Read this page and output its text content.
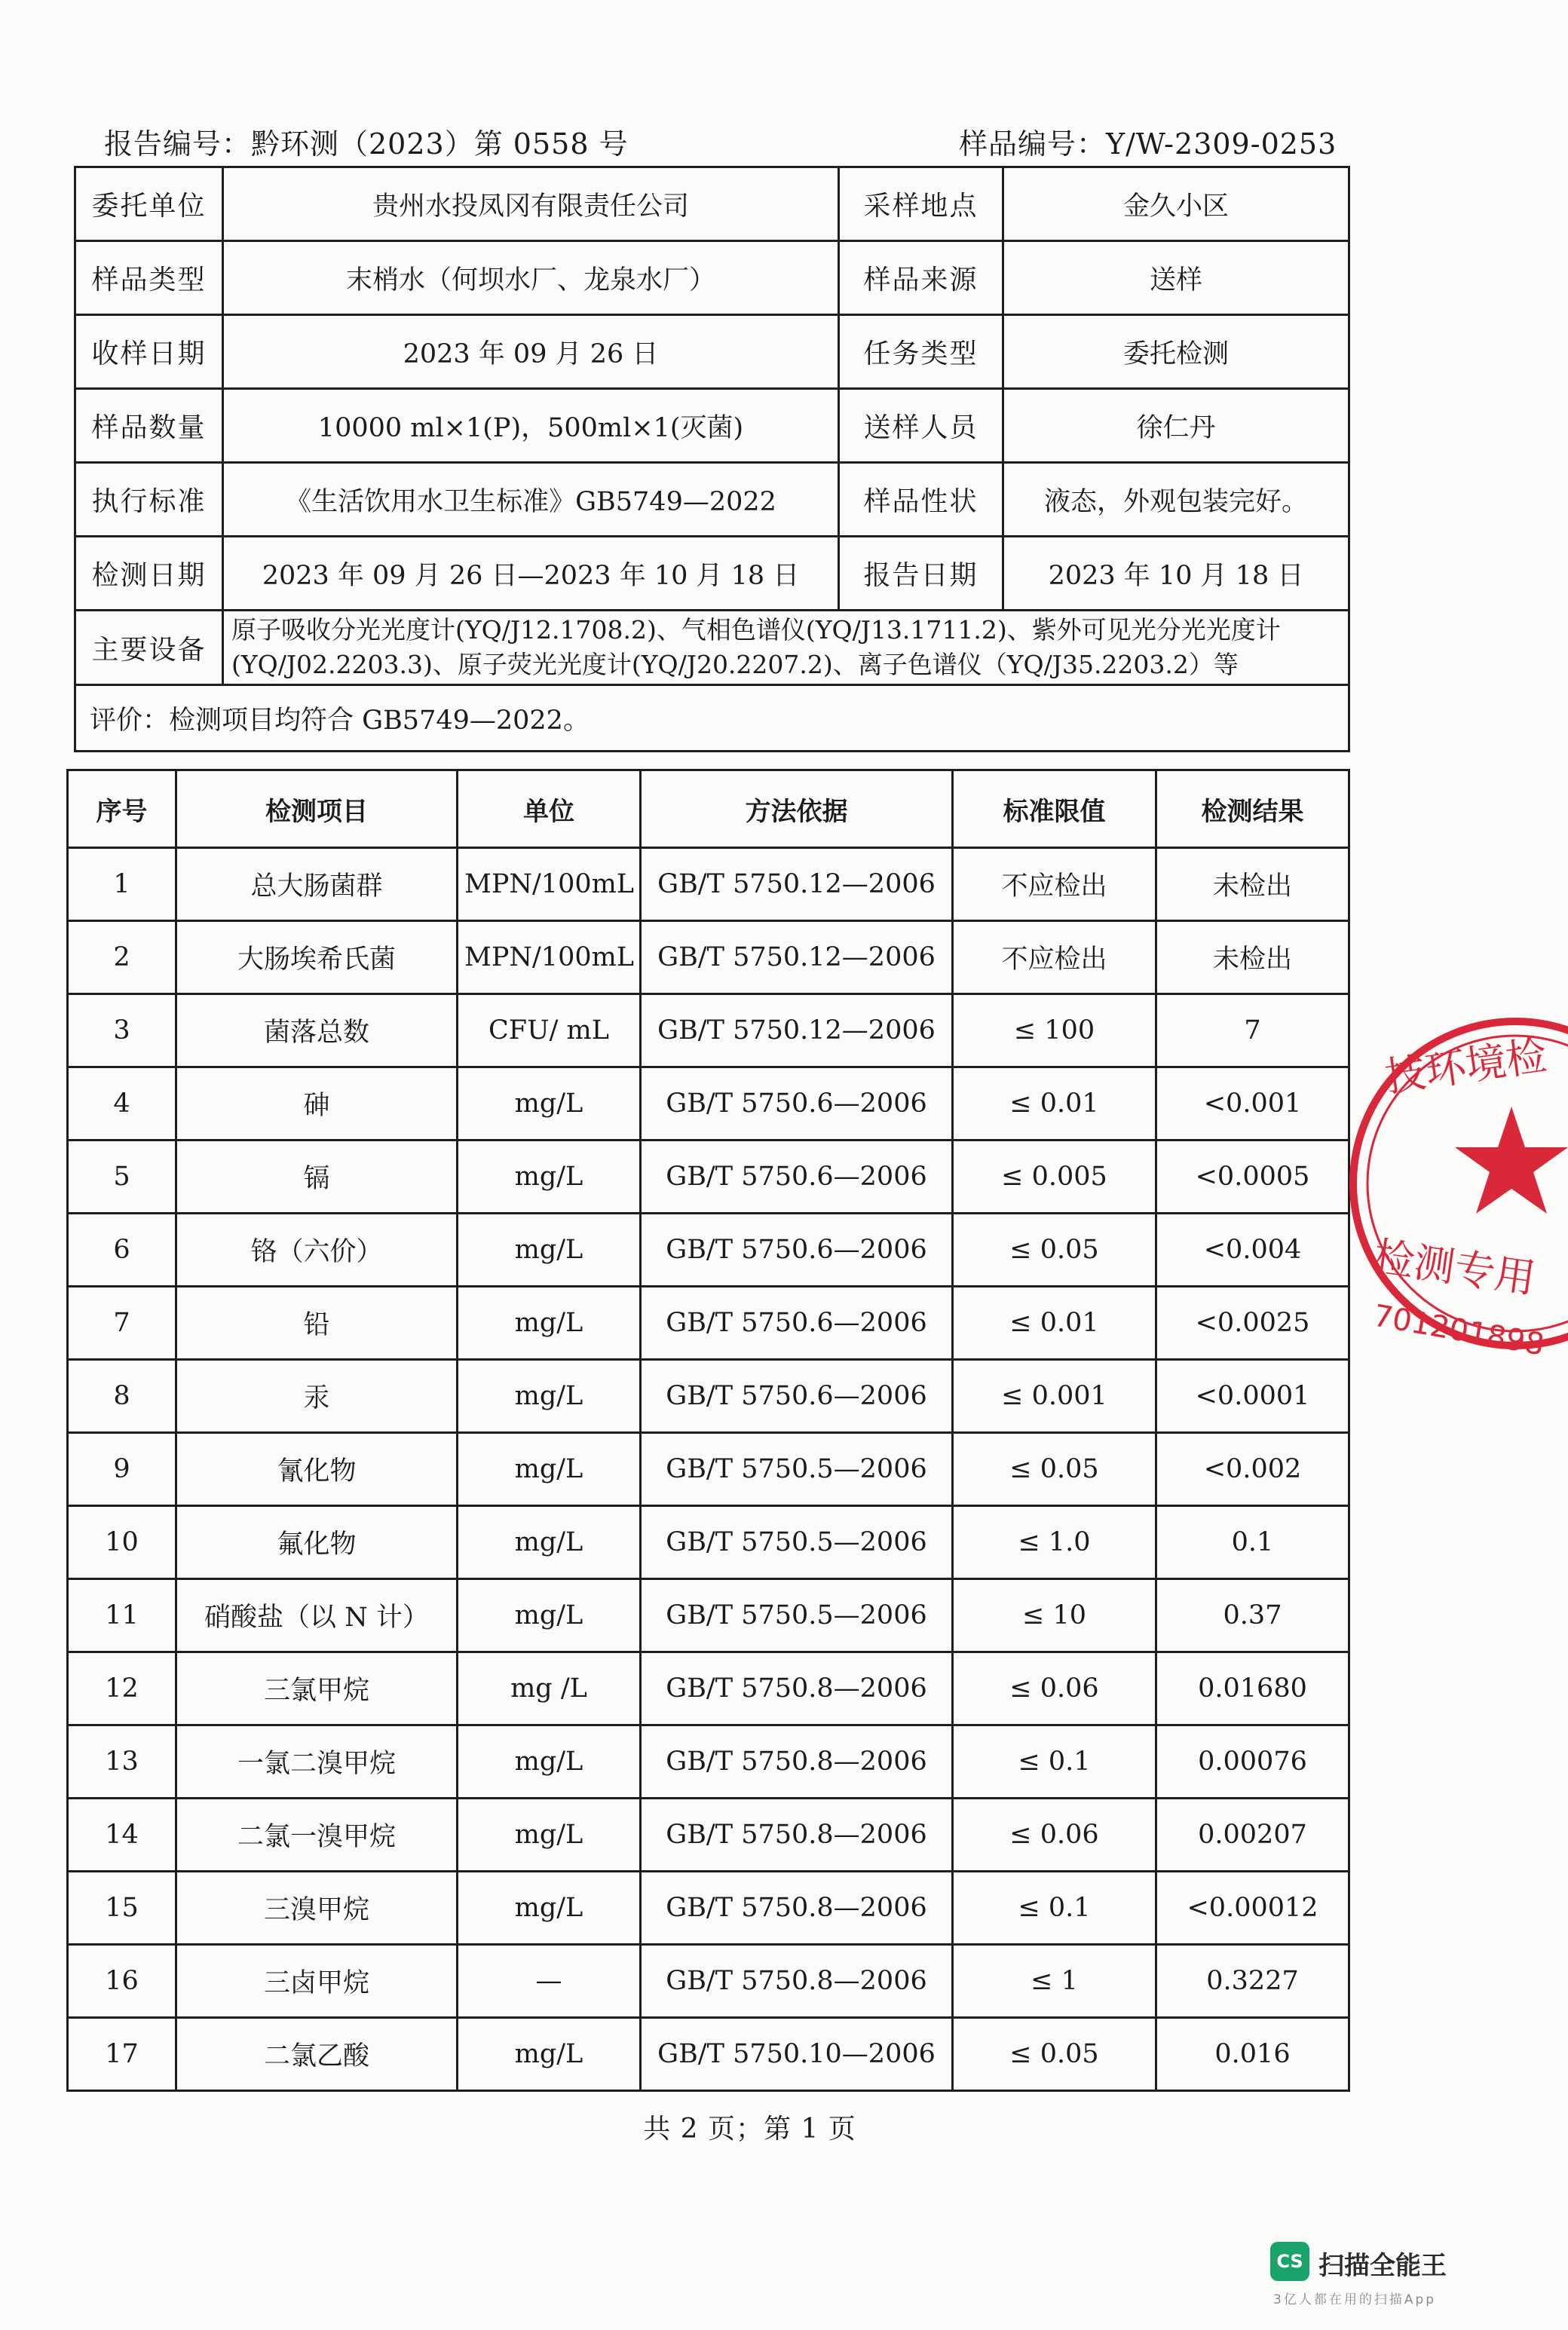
报告编号：黔环测（2023）第 0558 号	样品编号：Y/W-2309-0253
委托单位	贵州水投凤冈有限责任公司	采样地点	金久小区
样品类型	末梢水（何坝水厂、龙泉水厂）	样品来源	送样
收样日期	2023 年 09 月 26 日	任务类型	委托检测
样品数量	10000 ml×1(P)，500ml×1(灭菌)	送样人员	徐仁丹
执行标准	《生活饮用水卫生标准》GB5749—2022	样品性状	液态，外观包装完好。
检测日期	2023 年 09 月 26 日—2023 年 10 月 18 日	报告日期	2023 年 10 月 18 日
主要设备	原子吸收分光光度计(YQ/J12.1708.2)、气相色谱仪(YQ/J13.1711.2)、紫外可见光分光光度计(YQ/J02.2203.3)、原子荧光光度计(YQ/J20.2207.2)、离子色谱仪（YQ/J35.2203.2）等		
评价：检测项目均符合 GB5749—2022。			
序号	检测项目	单位	方法依据	标准限值	检测结果
1	总大肠菌群	MPN/100mL	GB/T 5750.12—2006	不应检出	未检出
2	大肠埃希氏菌	MPN/100mL	GB/T 5750.12—2006	不应检出	未检出
3	菌落总数	CFU/ mL	GB/T 5750.12—2006	≤ 100	7
4	砷	mg/L	GB/T 5750.6—2006	≤ 0.01	<0.001
5	镉	mg/L	GB/T 5750.6—2006	≤ 0.005	<0.0005
6	铬（六价）	mg/L	GB/T 5750.6—2006	≤ 0.05	<0.004
7	铅	mg/L	GB/T 5750.6—2006	≤ 0.01	<0.0025
8	汞	mg/L	GB/T 5750.6—2006	≤ 0.001	<0.0001
9	氰化物	mg/L	GB/T 5750.5—2006	≤ 0.05	<0.002
10	氟化物	mg/L	GB/T 5750.5—2006	≤ 1.0	0.1
11	硝酸盐（以 N 计）	mg/L	GB/T 5750.5—2006	≤ 10	0.37
12	三氯甲烷	mg /L	GB/T 5750.8—2006	≤ 0.06	0.01680
13	一氯二溴甲烷	mg/L	GB/T 5750.8—2006	≤ 0.1	0.00076
14	二氯一溴甲烷	mg/L	GB/T 5750.8—2006	≤ 0.06	0.00207
15	三溴甲烷	mg/L	GB/T 5750.8—2006	≤ 0.1	<0.00012
16	三卤甲烷	—	GB/T 5750.8—2006	≤ 1	0.3227
17	二氯乙酸	mg/L	GB/T 5750.10—2006	≤ 0.05	0.016
共 2 页；第 1 页
技环境检
检测专用
701201898
CS 扫描全能王
3亿人都在用的扫描App
